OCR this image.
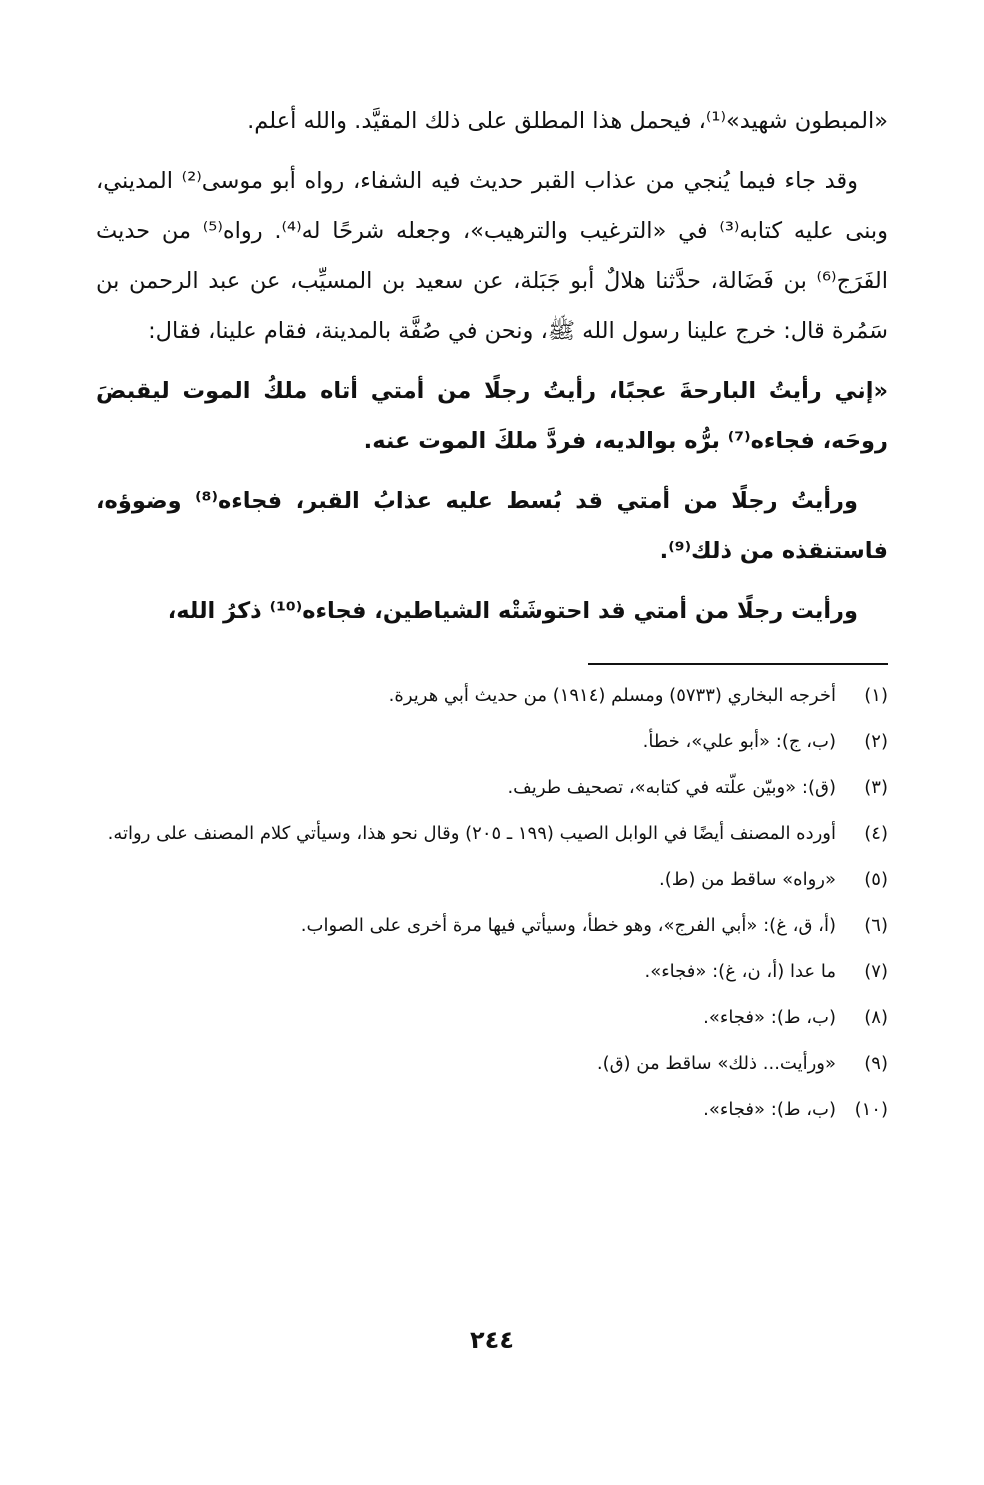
«المبطون شهيد»⁽¹⁾، فيحمل هذا المطلق على ذلك المقيَّد. والله أعلم.

وقد جاء فيما يُنجي من عذاب القبر حديث فيه الشفاء، رواه أبو موسى⁽²⁾ المديني، وبنى عليه كتابه⁽³⁾ في «الترغيب والترهيب»، وجعله شرحًا له⁽⁴⁾. رواه⁽⁵⁾ من حديث الفَرَج⁽⁶⁾ بن فَضَالة، حدَّثنا هلالٌ أبو جَبَلة، عن سعيد بن المسيِّب، عن عبد الرحمن بن سَمُرة قال: خرج علينا رسول الله ﷺ، ونحن في صُفَّة بالمدينة، فقام علينا، فقال:

«إني رأيتُ البارحةَ عجبًا، رأيتُ رجلًا من أمتي أتاه ملكُ الموت ليقبضَ روحَه، فجاءه⁽⁷⁾ برُّه بوالديه، فردَّ ملكَ الموت عنه.

ورأيتُ رجلًا من أمتي قد بُسط عليه عذابُ القبر، فجاءه⁽⁸⁾ وضوؤه، فاستنقذه من ذلك⁽⁹⁾.

ورأيت رجلًا من أمتي قد احتوشَتْه الشياطين، فجاءه⁽¹⁰⁾ ذكرُ الله،

(١)
أخرجه البخاري (٥٧٣٣) ومسلم (١٩١٤) من حديث أبي هريرة.
(٢)
(ب، ج): «أبو علي»، خطأ.
(٣)
(ق): «وبيّن علّته في كتابه»، تصحيف طريف.
(٤)
أورده المصنف أيضًا في الوابل الصيب (١٩٩ ـ ٢٠٥) وقال نحو هذا، وسيأتي كلام المصنف على رواته.
(٥)
«رواه» ساقط من (ط).
(٦)
(أ، ق، غ): «أبي الفرج»، وهو خطأ، وسيأتي فيها مرة أخرى على الصواب.
(٧)
ما عدا (أ، ن، غ): «فجاء».
(٨)
(ب، ط): «فجاء».
(٩)
«ورأيت... ذلك» ساقط من (ق).
(١٠)
(ب، ط): «فجاء».
٢٤٤
